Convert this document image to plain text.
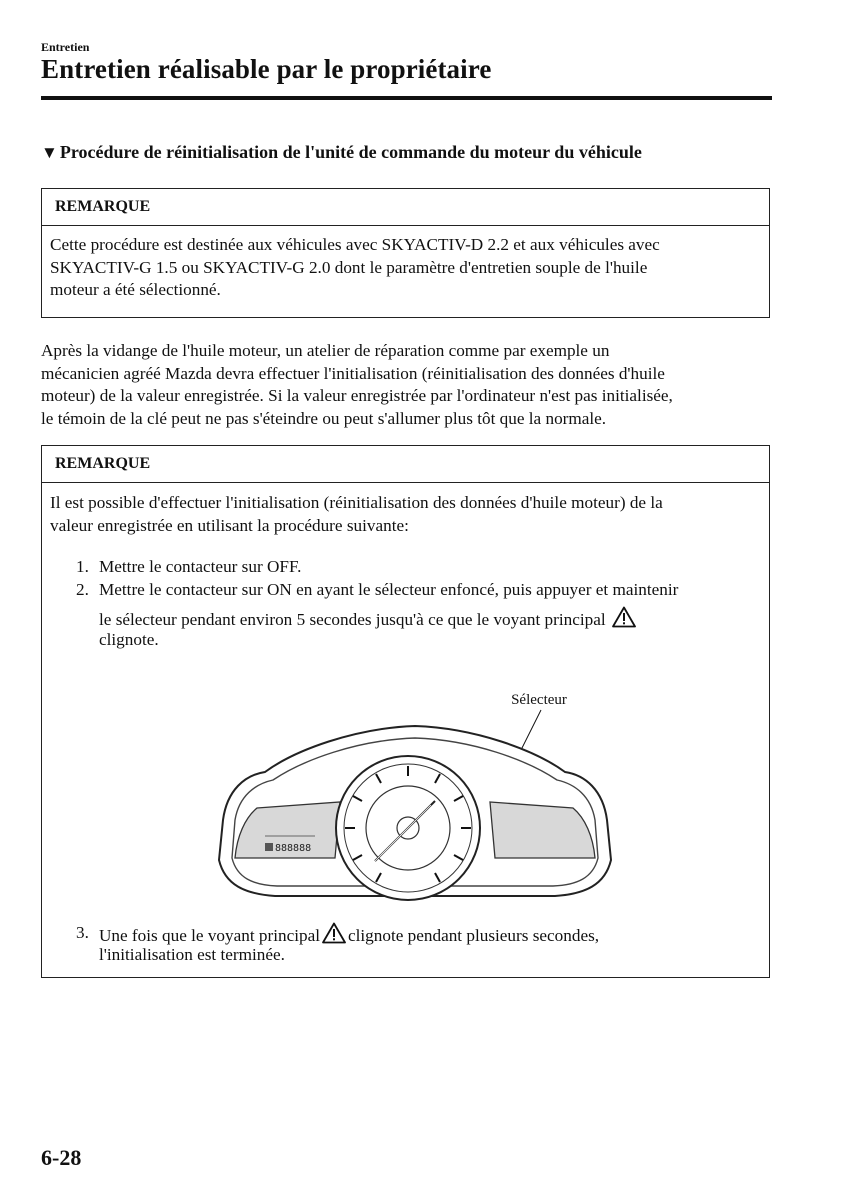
Entretien
Entretien réalisable par le propriétaire
▼ Procédure de réinitialisation de l'unité de commande du moteur du véhicule
REMARQUE
Cette procédure est destinée aux véhicules avec SKYACTIV-D 2.2 et aux véhicules avec
SKYACTIV-G 1.5 ou SKYACTIV-G 2.0 dont le paramètre d'entretien souple de l'huile
moteur a été sélectionné.
Après la vidange de l'huile moteur, un atelier de réparation comme par exemple un
mécanicien agréé Mazda devra effectuer l'initialisation (réinitialisation des données d'huile
moteur) de la valeur enregistrée. Si la valeur enregistrée par l'ordinateur n'est pas initialisée,
le témoin de la clé peut ne pas s'éteindre ou peut s'allumer plus tôt que la normale.
REMARQUE
Il est possible d'effectuer l'initialisation (réinitialisation des données d'huile moteur) de la
valeur enregistrée en utilisant la procédure suivante:
1. Mettre le contacteur sur OFF.
2. Mettre le contacteur sur ON en ayant le sélecteur enfoncé, puis appuyer et maintenir
le sélecteur pendant environ 5 secondes jusqu'à ce que le voyant principal
clignote.
Sélecteur
888888
3. Une fois que le voyant principal clignote pendant plusieurs secondes,
l'initialisation est terminée.
6-28
